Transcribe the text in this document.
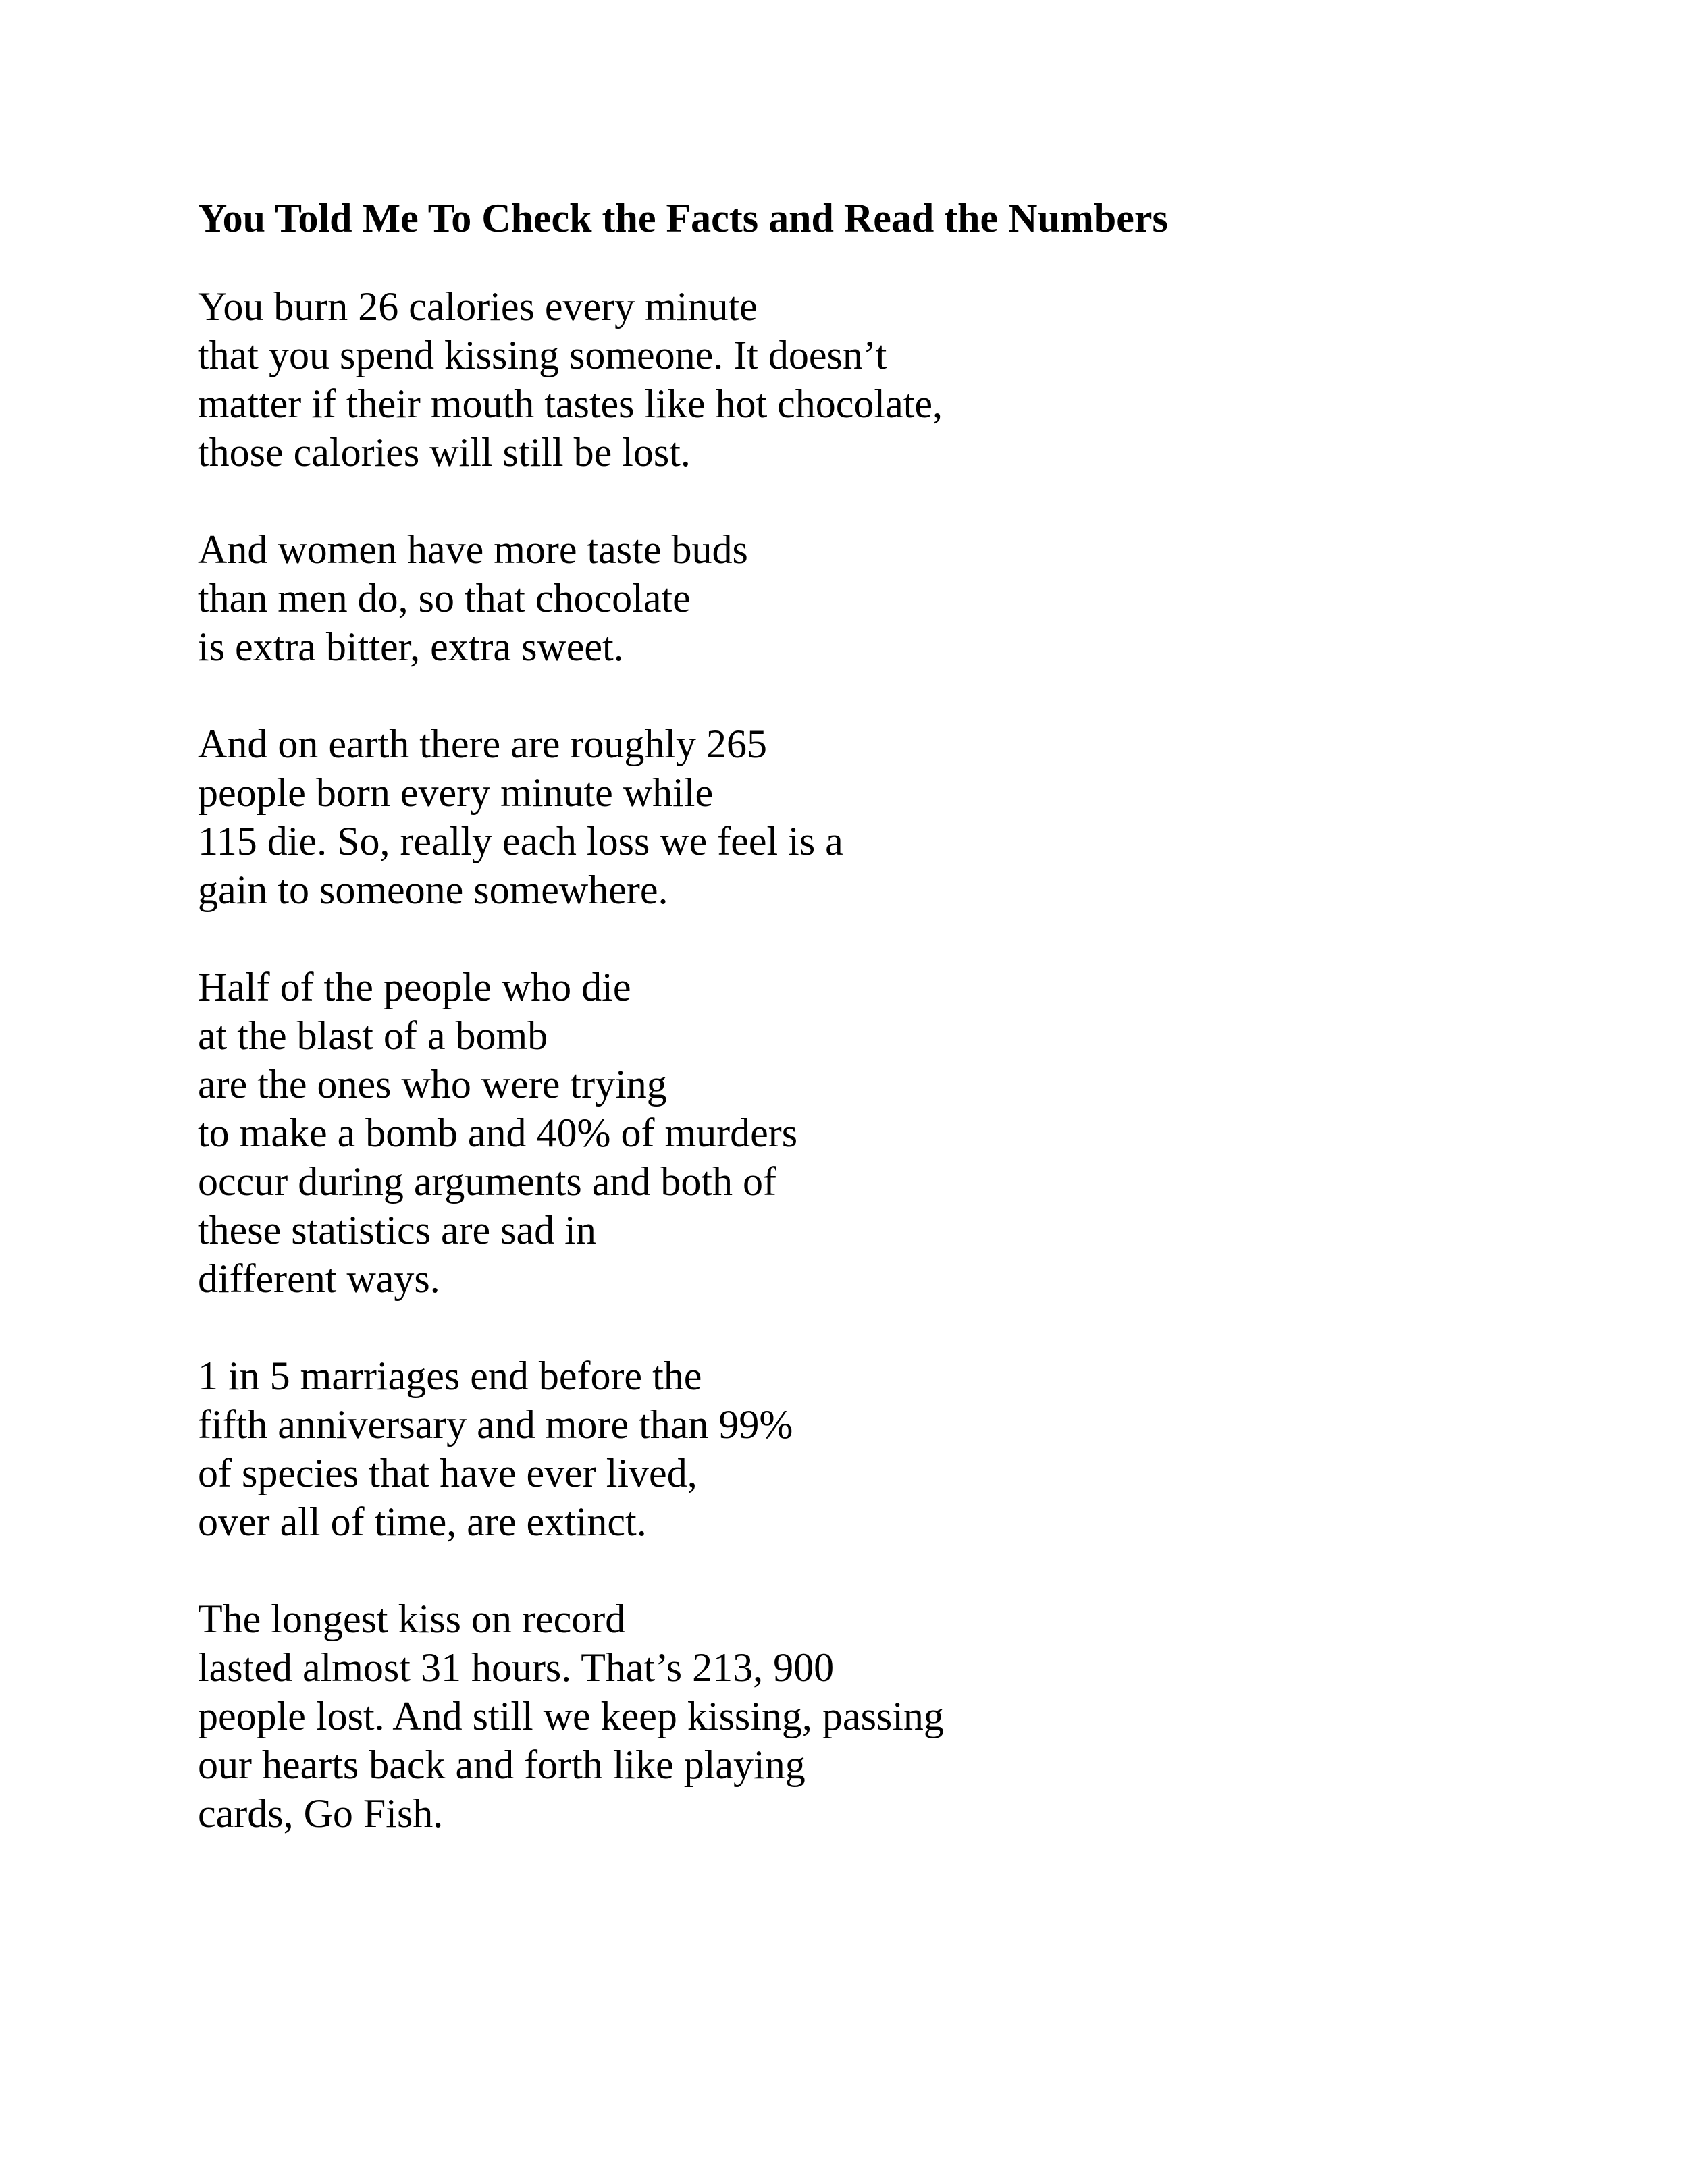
You Told Me To Check the Facts and Read the Numbers
You burn 26 calories every minute
that you spend kissing someone. It doesn’t
matter if their mouth tastes like hot chocolate,
those calories will still be lost.
And women have more taste buds
than men do, so that chocolate
is extra bitter, extra sweet.
And on earth there are roughly 265
people born every minute while
115 die. So, really each loss we feel is a
gain to someone somewhere.
Half of the people who die
at the blast of a bomb
are the ones who were trying
to make a bomb and 40% of murders
occur during arguments and both of
these statistics are sad in
different ways.
1 in 5 marriages end before the
fifth anniversary and more than 99%
of species that have ever lived,
over all of time, are extinct.
The longest kiss on record
lasted almost 31 hours. That’s 213, 900
people lost. And still we keep kissing, passing
our hearts back and forth like playing
cards, Go Fish.
